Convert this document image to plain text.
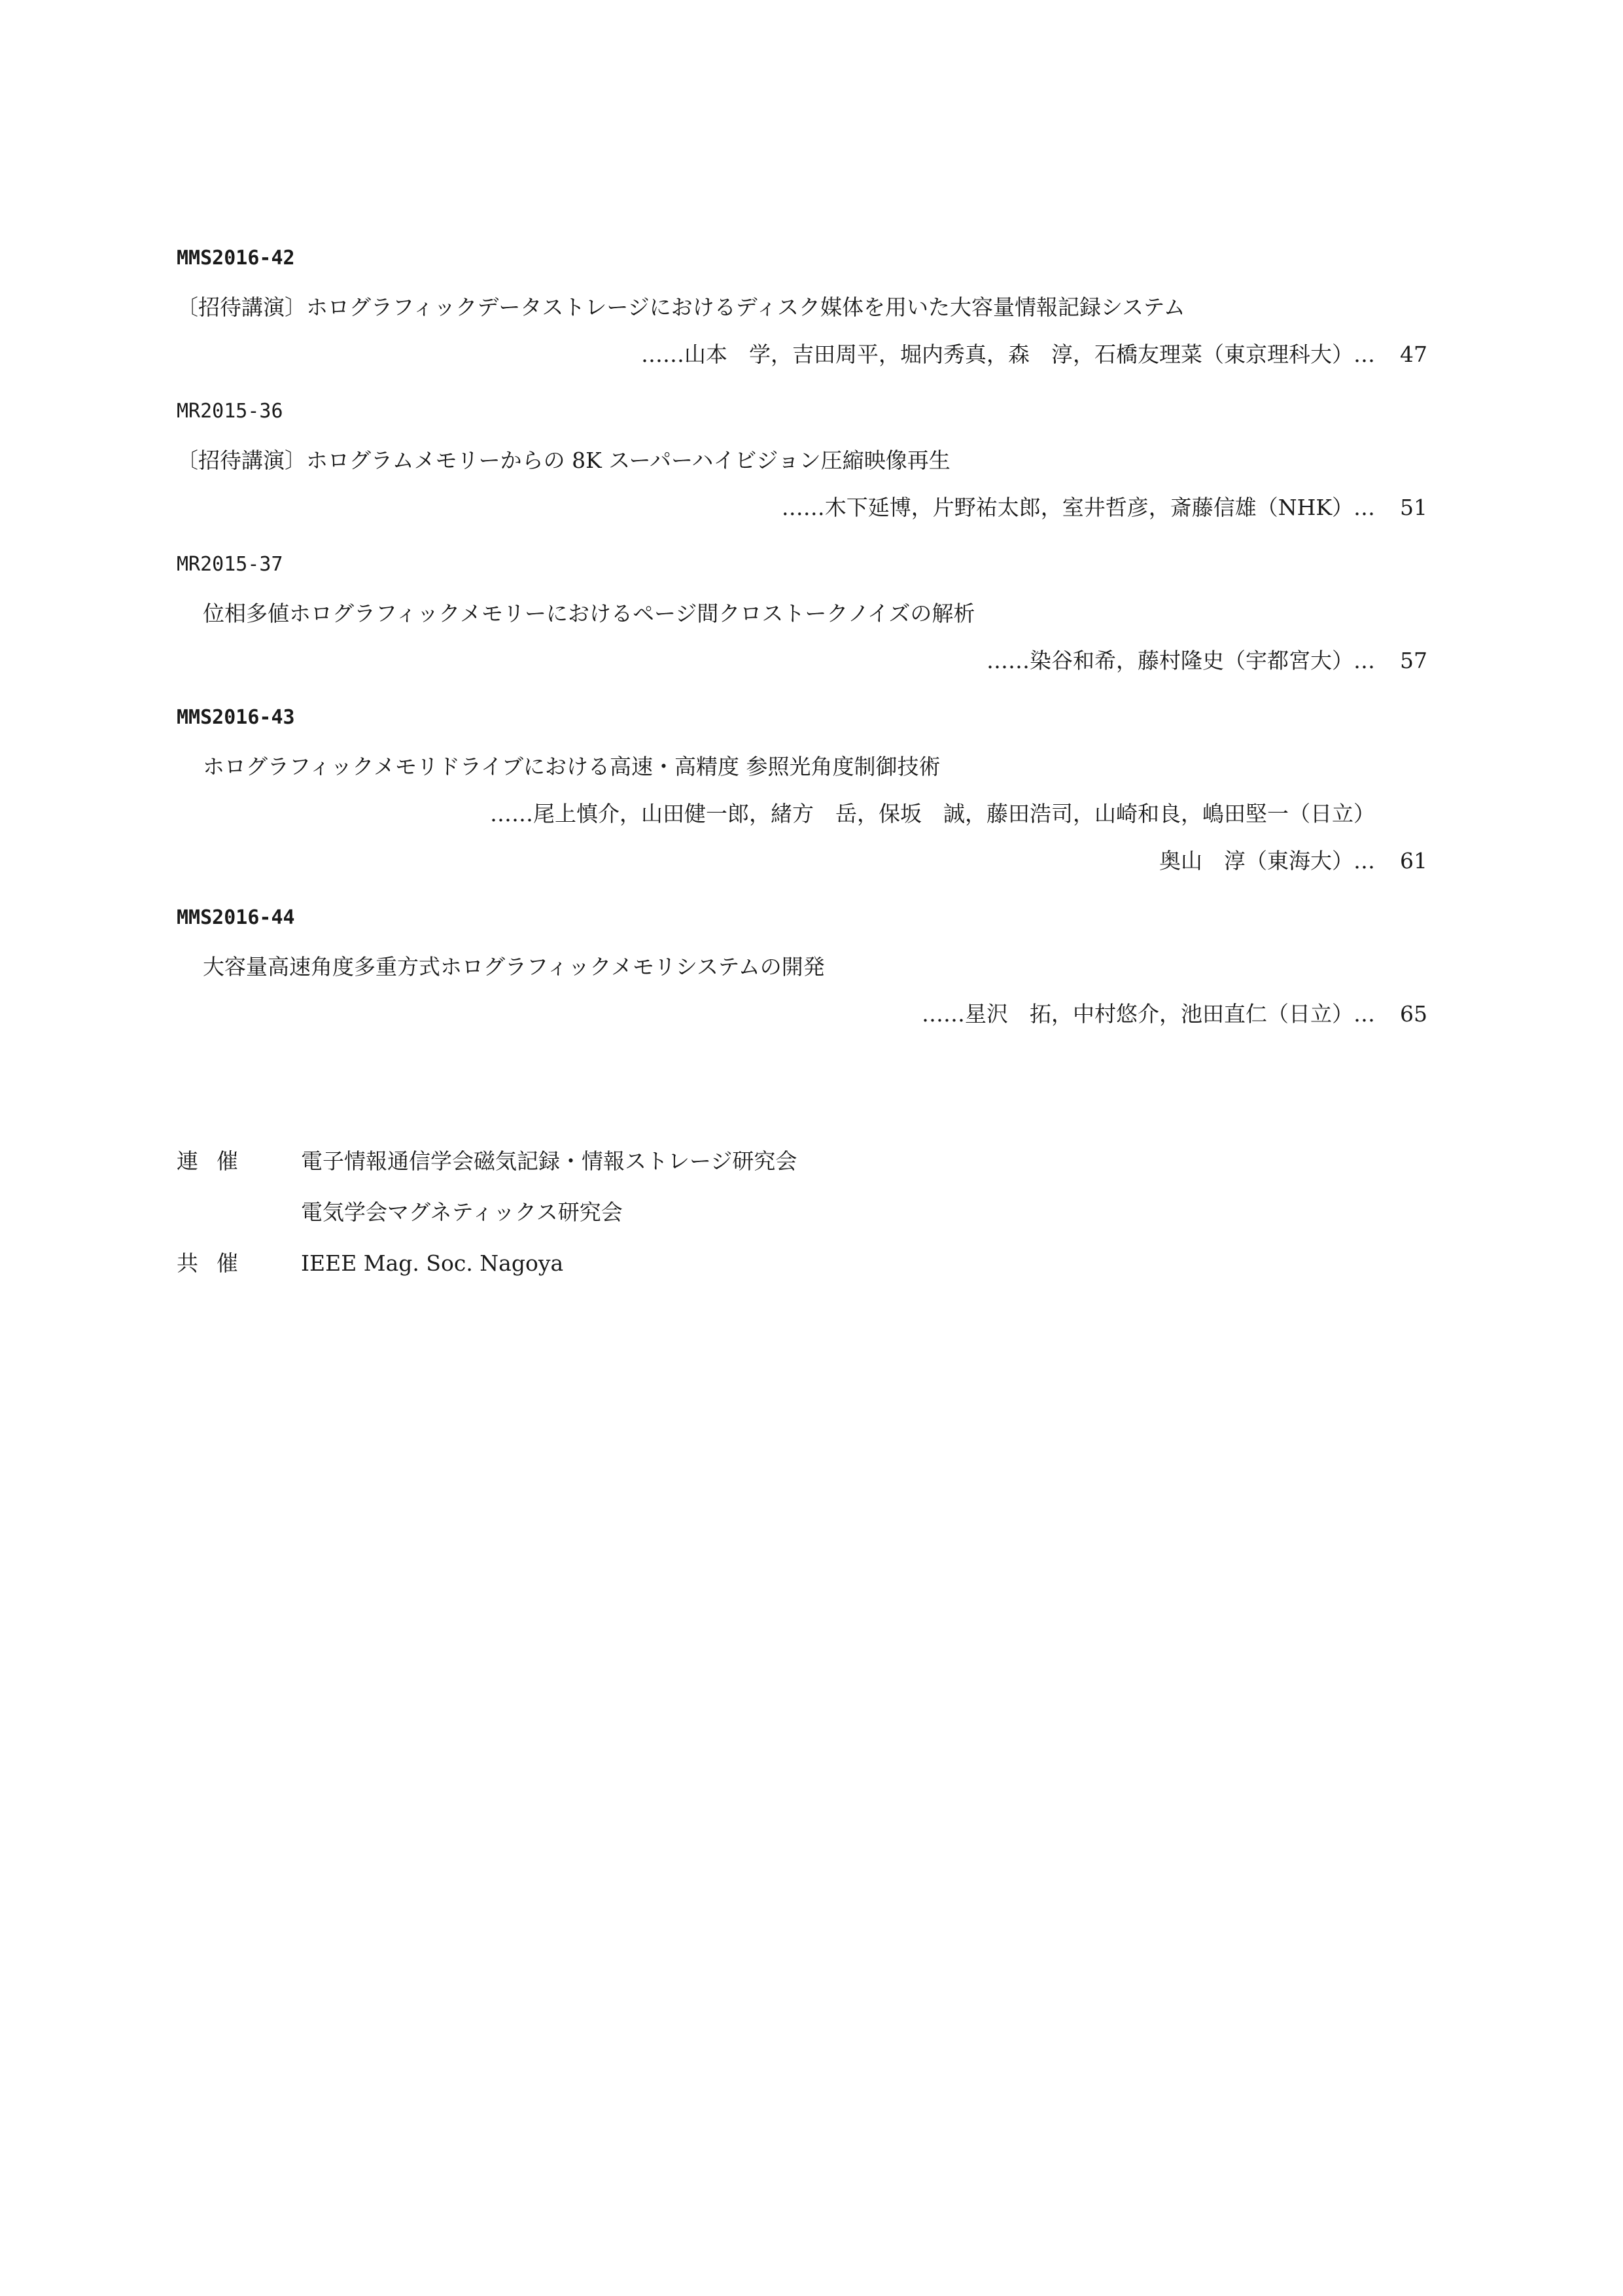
MMS2016-42
〔招待講演〕ホログラフィックデータストレージにおけるディスク媒体を用いた大容量情報記録システム
……山本　学，吉田周平，堀内秀真，森　淳，石橋友理菜（東京理科大）… 47
MR2015-36
〔招待講演〕ホログラムメモリーからの 8K スーパーハイビジョン圧縮映像再生
……木下延博，片野祐太郎，室井哲彦，斎藤信雄（NHK）… 51
MR2015-37
位相多値ホログラフィックメモリーにおけるページ間クロストークノイズの解析
……染谷和希，藤村隆史（宇都宮大）… 57
MMS2016-43
ホログラフィックメモリドライブにおける高速・高精度 参照光角度制御技術
……尾上慎介，山田健一郎，緒方　岳，保坂　誠，藤田浩司，山崎和良，嶋田堅一（日立）
奥山　淳（東海大）… 61
MMS2016-44
大容量高速角度多重方式ホログラフィックメモリシステムの開発
……星沢　拓，中村悠介，池田直仁（日立）… 65
連催	電子情報通信学会磁気記録・情報ストレージ研究会
電気学会マグネティックス研究会
共催	IEEE Mag. Soc. Nagoya
